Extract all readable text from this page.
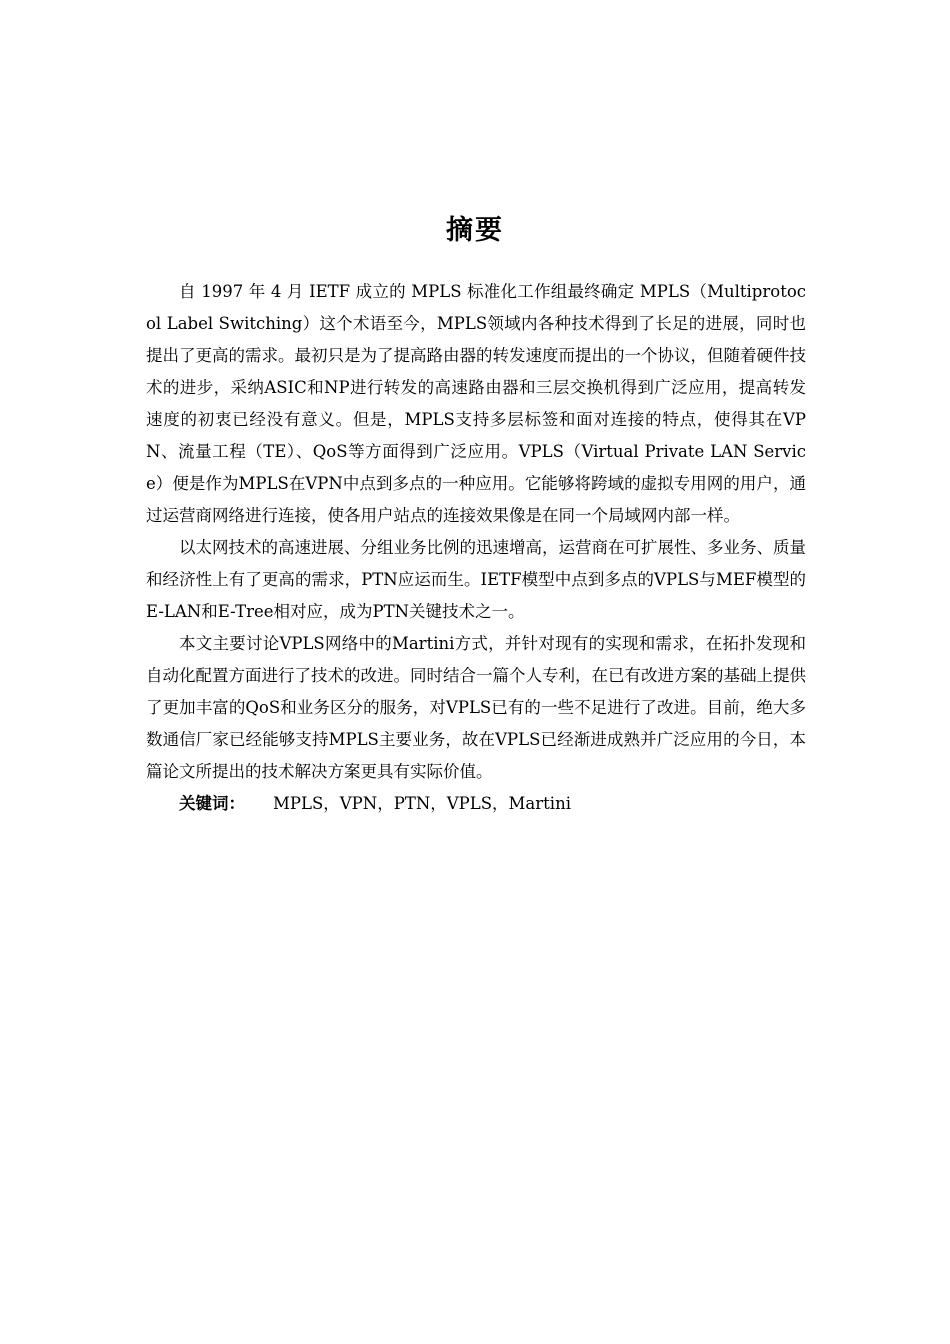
摘要

自 1997 年 4 月 IETF 成立的 MPLS 标准化工作组最终确定 MPLS（Multiprotocol Label Switching）这个术语至今，MPLS领域内各种技术得到了长足的进展，同时也提出了更高的需求。最初只是为了提高路由器的转发速度而提出的一个协议，但随着硬件技术的进步，采纳ASIC和NP进行转发的高速路由器和三层交换机得到广泛应用，提高转发速度的初衷已经没有意义。但是，MPLS支持多层标签和面对连接的特点，使得其在VPN、流量工程（TE）、QoS等方面得到广泛应用。VPLS（Virtual Private LAN Service）便是作为MPLS在VPN中点到多点的一种应用。它能够将跨域的虚拟专用网的用户，通过运营商网络进行连接，使各用户站点的连接效果像是在同一个局域网内部一样。

以太网技术的高速进展、分组业务比例的迅速增高，运营商在可扩展性、多业务、质量和经济性上有了更高的需求，PTN应运而生。IETF模型中点到多点的VPLS与MEF模型的E-LAN和E-Tree相对应，成为PTN关键技术之一。

本文主要讨论VPLS网络中的Martini方式，并针对现有的实现和需求，在拓扑发现和自动化配置方面进行了技术的改进。同时结合一篇个人专利，在已有改进方案的基础上提供了更加丰富的QoS和业务区分的服务，对VPLS已有的一些不足进行了改进。目前，绝大多数通信厂家已经能够支持MPLS主要业务，故在VPLS已经渐进成熟并广泛应用的今日，本篇论文所提出的技术解决方案更具有实际价值。

关键词： MPLS，VPN，PTN，VPLS，Martini
